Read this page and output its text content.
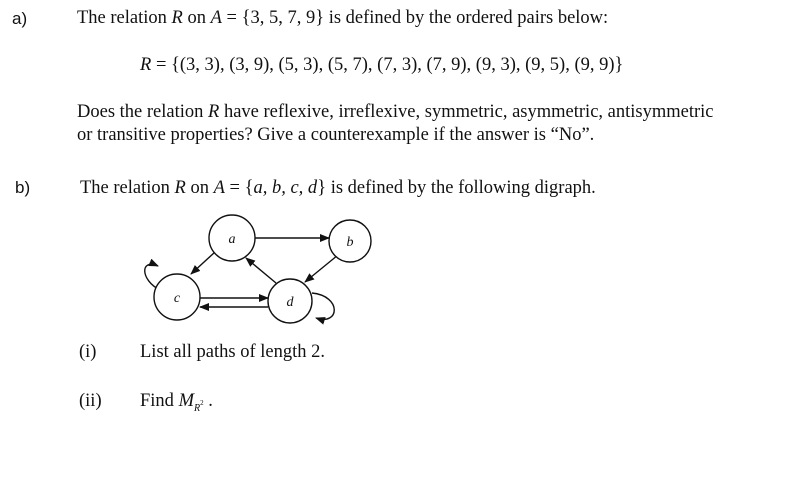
a)	The relation R on A = {3, 5, 7, 9} is defined by the ordered pairs below:
R = {(3, 3), (3, 9), (5, 3), (5, 7), (7, 3), (7, 9), (9, 3), (9, 5), (9, 9)}
Does the relation R have reflexive, irreflexive, symmetric, asymmetric, antisymmetric
or transitive properties? Give a counterexample if the answer is “No”.
b)	The relation R on A = {a, b, c, d} is defined by the following digraph.
a	b
c	d
(i) List all paths of length 2.
(ii) Find $M_{R^2}$ .
